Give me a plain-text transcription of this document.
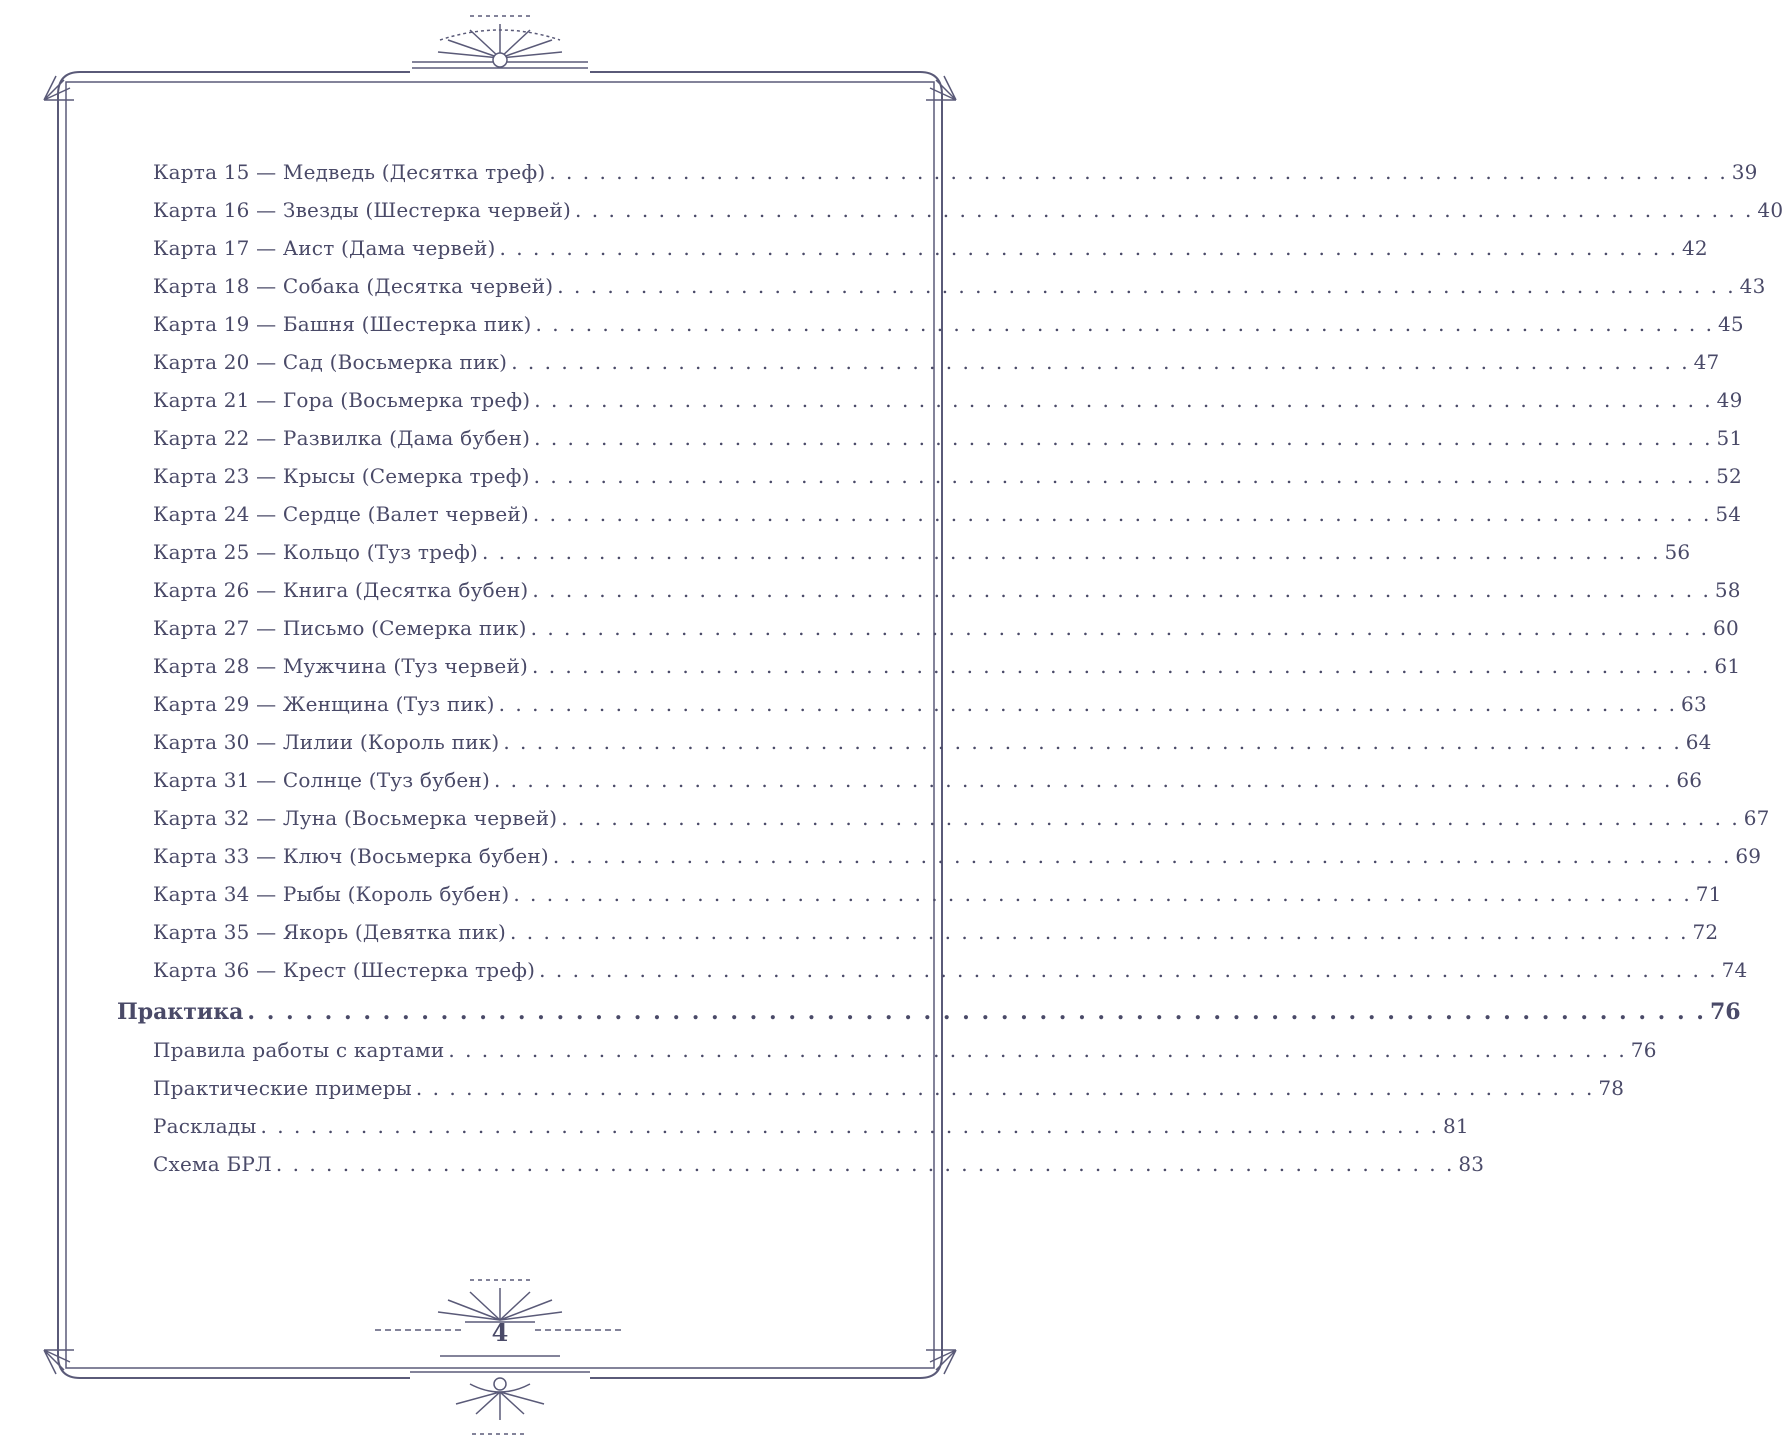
Карта 15 — Медведь (Десятка треф) . . . . . . . . . . . . . . . . . . . . . . . . . . . . . . . . . . . . . . . . . . . . . . . . . . . . . . . . . . . . . . . . . . . . . . . 39
Карта 16 — Звезды (Шестерка червей) . . . . . . . . . . . . . . . . . . . . . . . . . . . . . . . . . . . . . . . . . . . . . . . . . . . . . . . . . . . . . . . . . . . . . . . 40
Карта 17 — Аист (Дама червей) . . . . . . . . . . . . . . . . . . . . . . . . . . . . . . . . . . . . . . . . . . . . . . . . . . . . . . . . . . . . . . . . . . . . . . . 42
Карта 18 — Собака (Десятка червей) . . . . . . . . . . . . . . . . . . . . . . . . . . . . . . . . . . . . . . . . . . . . . . . . . . . . . . . . . . . . . . . . . . . . . . . 43
Карта 19 — Башня (Шестерка пик) . . . . . . . . . . . . . . . . . . . . . . . . . . . . . . . . . . . . . . . . . . . . . . . . . . . . . . . . . . . . . . . . . . . . . . . 45
Карта 20 — Сад (Восьмерка пик) . . . . . . . . . . . . . . . . . . . . . . . . . . . . . . . . . . . . . . . . . . . . . . . . . . . . . . . . . . . . . . . . . . . . . . . 47
Карта 21 — Гора (Восьмерка треф) . . . . . . . . . . . . . . . . . . . . . . . . . . . . . . . . . . . . . . . . . . . . . . . . . . . . . . . . . . . . . . . . . . . . . . . 49
Карта 22 — Развилка (Дама бубен) . . . . . . . . . . . . . . . . . . . . . . . . . . . . . . . . . . . . . . . . . . . . . . . . . . . . . . . . . . . . . . . . . . . . . . . 51
Карта 23 — Крысы (Семерка треф) . . . . . . . . . . . . . . . . . . . . . . . . . . . . . . . . . . . . . . . . . . . . . . . . . . . . . . . . . . . . . . . . . . . . . . . 52
Карта 24 — Сердце (Валет червей) . . . . . . . . . . . . . . . . . . . . . . . . . . . . . . . . . . . . . . . . . . . . . . . . . . . . . . . . . . . . . . . . . . . . . . . 54
Карта 25 — Кольцо (Туз треф) . . . . . . . . . . . . . . . . . . . . . . . . . . . . . . . . . . . . . . . . . . . . . . . . . . . . . . . . . . . . . . . . . . . . . . . 56
Карта 26 — Книга (Десятка бубен) . . . . . . . . . . . . . . . . . . . . . . . . . . . . . . . . . . . . . . . . . . . . . . . . . . . . . . . . . . . . . . . . . . . . . . . 58
Карта 27 — Письмо (Семерка пик) . . . . . . . . . . . . . . . . . . . . . . . . . . . . . . . . . . . . . . . . . . . . . . . . . . . . . . . . . . . . . . . . . . . . . . . 60
Карта 28 — Мужчина (Туз червей) . . . . . . . . . . . . . . . . . . . . . . . . . . . . . . . . . . . . . . . . . . . . . . . . . . . . . . . . . . . . . . . . . . . . . . . 61
Карта 29 — Женщина (Туз пик) . . . . . . . . . . . . . . . . . . . . . . . . . . . . . . . . . . . . . . . . . . . . . . . . . . . . . . . . . . . . . . . . . . . . . . . 63
Карта 30 — Лилии (Король пик) . . . . . . . . . . . . . . . . . . . . . . . . . . . . . . . . . . . . . . . . . . . . . . . . . . . . . . . . . . . . . . . . . . . . . . . 64
Карта 31 — Солнце (Туз бубен) . . . . . . . . . . . . . . . . . . . . . . . . . . . . . . . . . . . . . . . . . . . . . . . . . . . . . . . . . . . . . . . . . . . . . . . 66
Карта 32 — Луна (Восьмерка червей) . . . . . . . . . . . . . . . . . . . . . . . . . . . . . . . . . . . . . . . . . . . . . . . . . . . . . . . . . . . . . . . . . . . . . . . 67
Карта 33 — Ключ (Восьмерка бубен) . . . . . . . . . . . . . . . . . . . . . . . . . . . . . . . . . . . . . . . . . . . . . . . . . . . . . . . . . . . . . . . . . . . . . . . 69
Карта 34 — Рыбы (Король бубен) . . . . . . . . . . . . . . . . . . . . . . . . . . . . . . . . . . . . . . . . . . . . . . . . . . . . . . . . . . . . . . . . . . . . . . . 71
Карта 35 — Якорь (Девятка пик) . . . . . . . . . . . . . . . . . . . . . . . . . . . . . . . . . . . . . . . . . . . . . . . . . . . . . . . . . . . . . . . . . . . . . . . 72
Карта 36 — Крест (Шестерка треф) . . . . . . . . . . . . . . . . . . . . . . . . . . . . . . . . . . . . . . . . . . . . . . . . . . . . . . . . . . . . . . . . . . . . . . . 74
Практика . . . . . . . . . . . . . . . . . . . . . . . . . . . . . . . . . . . . . . . . . . . . . . . . . . . . . . . . . . . . . . . . . . . . . . . . . . . . 76
Правила работы с картами . . . . . . . . . . . . . . . . . . . . . . . . . . . . . . . . . . . . . . . . . . . . . . . . . . . . . . . . . . . . . . . . . . . . . . . 76
Практические примеры . . . . . . . . . . . . . . . . . . . . . . . . . . . . . . . . . . . . . . . . . . . . . . . . . . . . . . . . . . . . . . . . . . . . . . . 78
Расклады . . . . . . . . . . . . . . . . . . . . . . . . . . . . . . . . . . . . . . . . . . . . . . . . . . . . . . . . . . . . . . . . . . . . . . . 81
Схема БРЛ . . . . . . . . . . . . . . . . . . . . . . . . . . . . . . . . . . . . . . . . . . . . . . . . . . . . . . . . . . . . . . . . . . . . . . . 83
4
